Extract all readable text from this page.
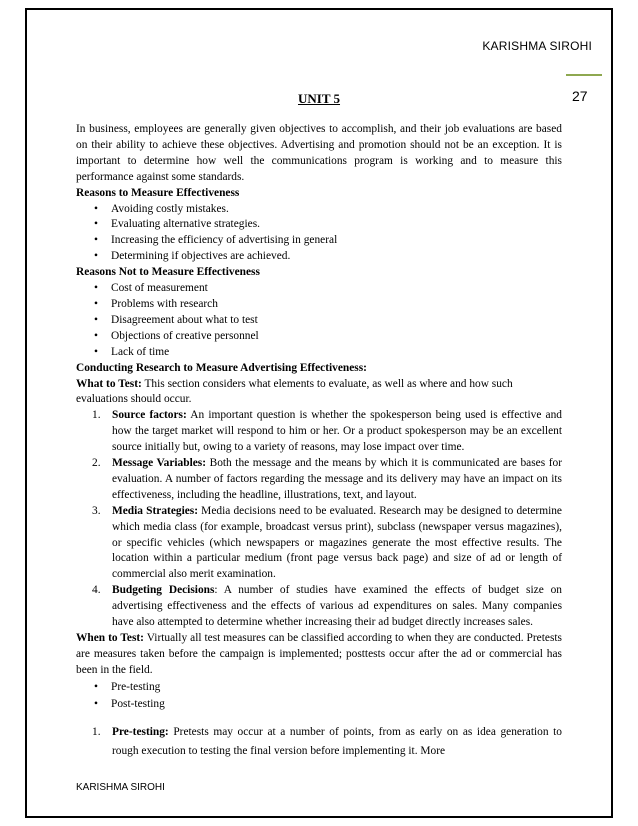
KARISHMA SIROHI
27
UNIT 5

In business, employees are generally given objectives to accomplish, and their job evaluations are based on their ability to achieve these objectives. Advertising and promotion should not be an exception. It is important to determine how well the communications program is working and to measure this performance against some standards.

Reasons to Measure Effectiveness

• Avoiding costly mistakes.
• Evaluating alternative strategies.
• Increasing the efficiency of advertising in general
• Determining if objectives are achieved.

Reasons Not to Measure Effectiveness

• Cost of measurement
• Problems with research
• Disagreement about what to test
• Objections of creative personnel
• Lack of time

Conducting Research to Measure Advertising Effectiveness:

What to Test: This section considers what elements to evaluate, as well as where and how such evaluations should occur.

1. Source factors: An important question is whether the spokesperson being used is effective and how the target market will respond to him or her. Or a product spokesperson may be an excellent source initially but, owing to a variety of reasons, may lose impact over time.
2. Message Variables: Both the message and the means by which it is communicated are bases for evaluation. A number of factors regarding the message and its delivery may have an impact on its effectiveness, including the headline, illustrations, text, and layout.
3. Media Strategies: Media decisions need to be evaluated. Research may be designed to determine which media class (for example, broadcast versus print), subclass (newspaper versus magazines), or specific vehicles (which newspapers or magazines generate the most effective results. The location within a particular medium (front page versus back page) and size of ad or length of commercial also merit examination.
4. Budgeting Decisions: A number of studies have examined the effects of budget size on advertising effectiveness and the effects of various ad expenditures on sales. Many companies have also attempted to determine whether increasing their ad budget directly increases sales.

When to Test: Virtually all test measures can be classified according to when they are conducted. Pretests are measures taken before the campaign is implemented; posttests occur after the ad or commercial has been in the field.

• Pre-testing
• Post-testing
1. Pre-testing: Pretests may occur at a number of points, from as early on as idea generation to rough execution to testing the final version before implementing it. More
KARISHMA SIROHI
